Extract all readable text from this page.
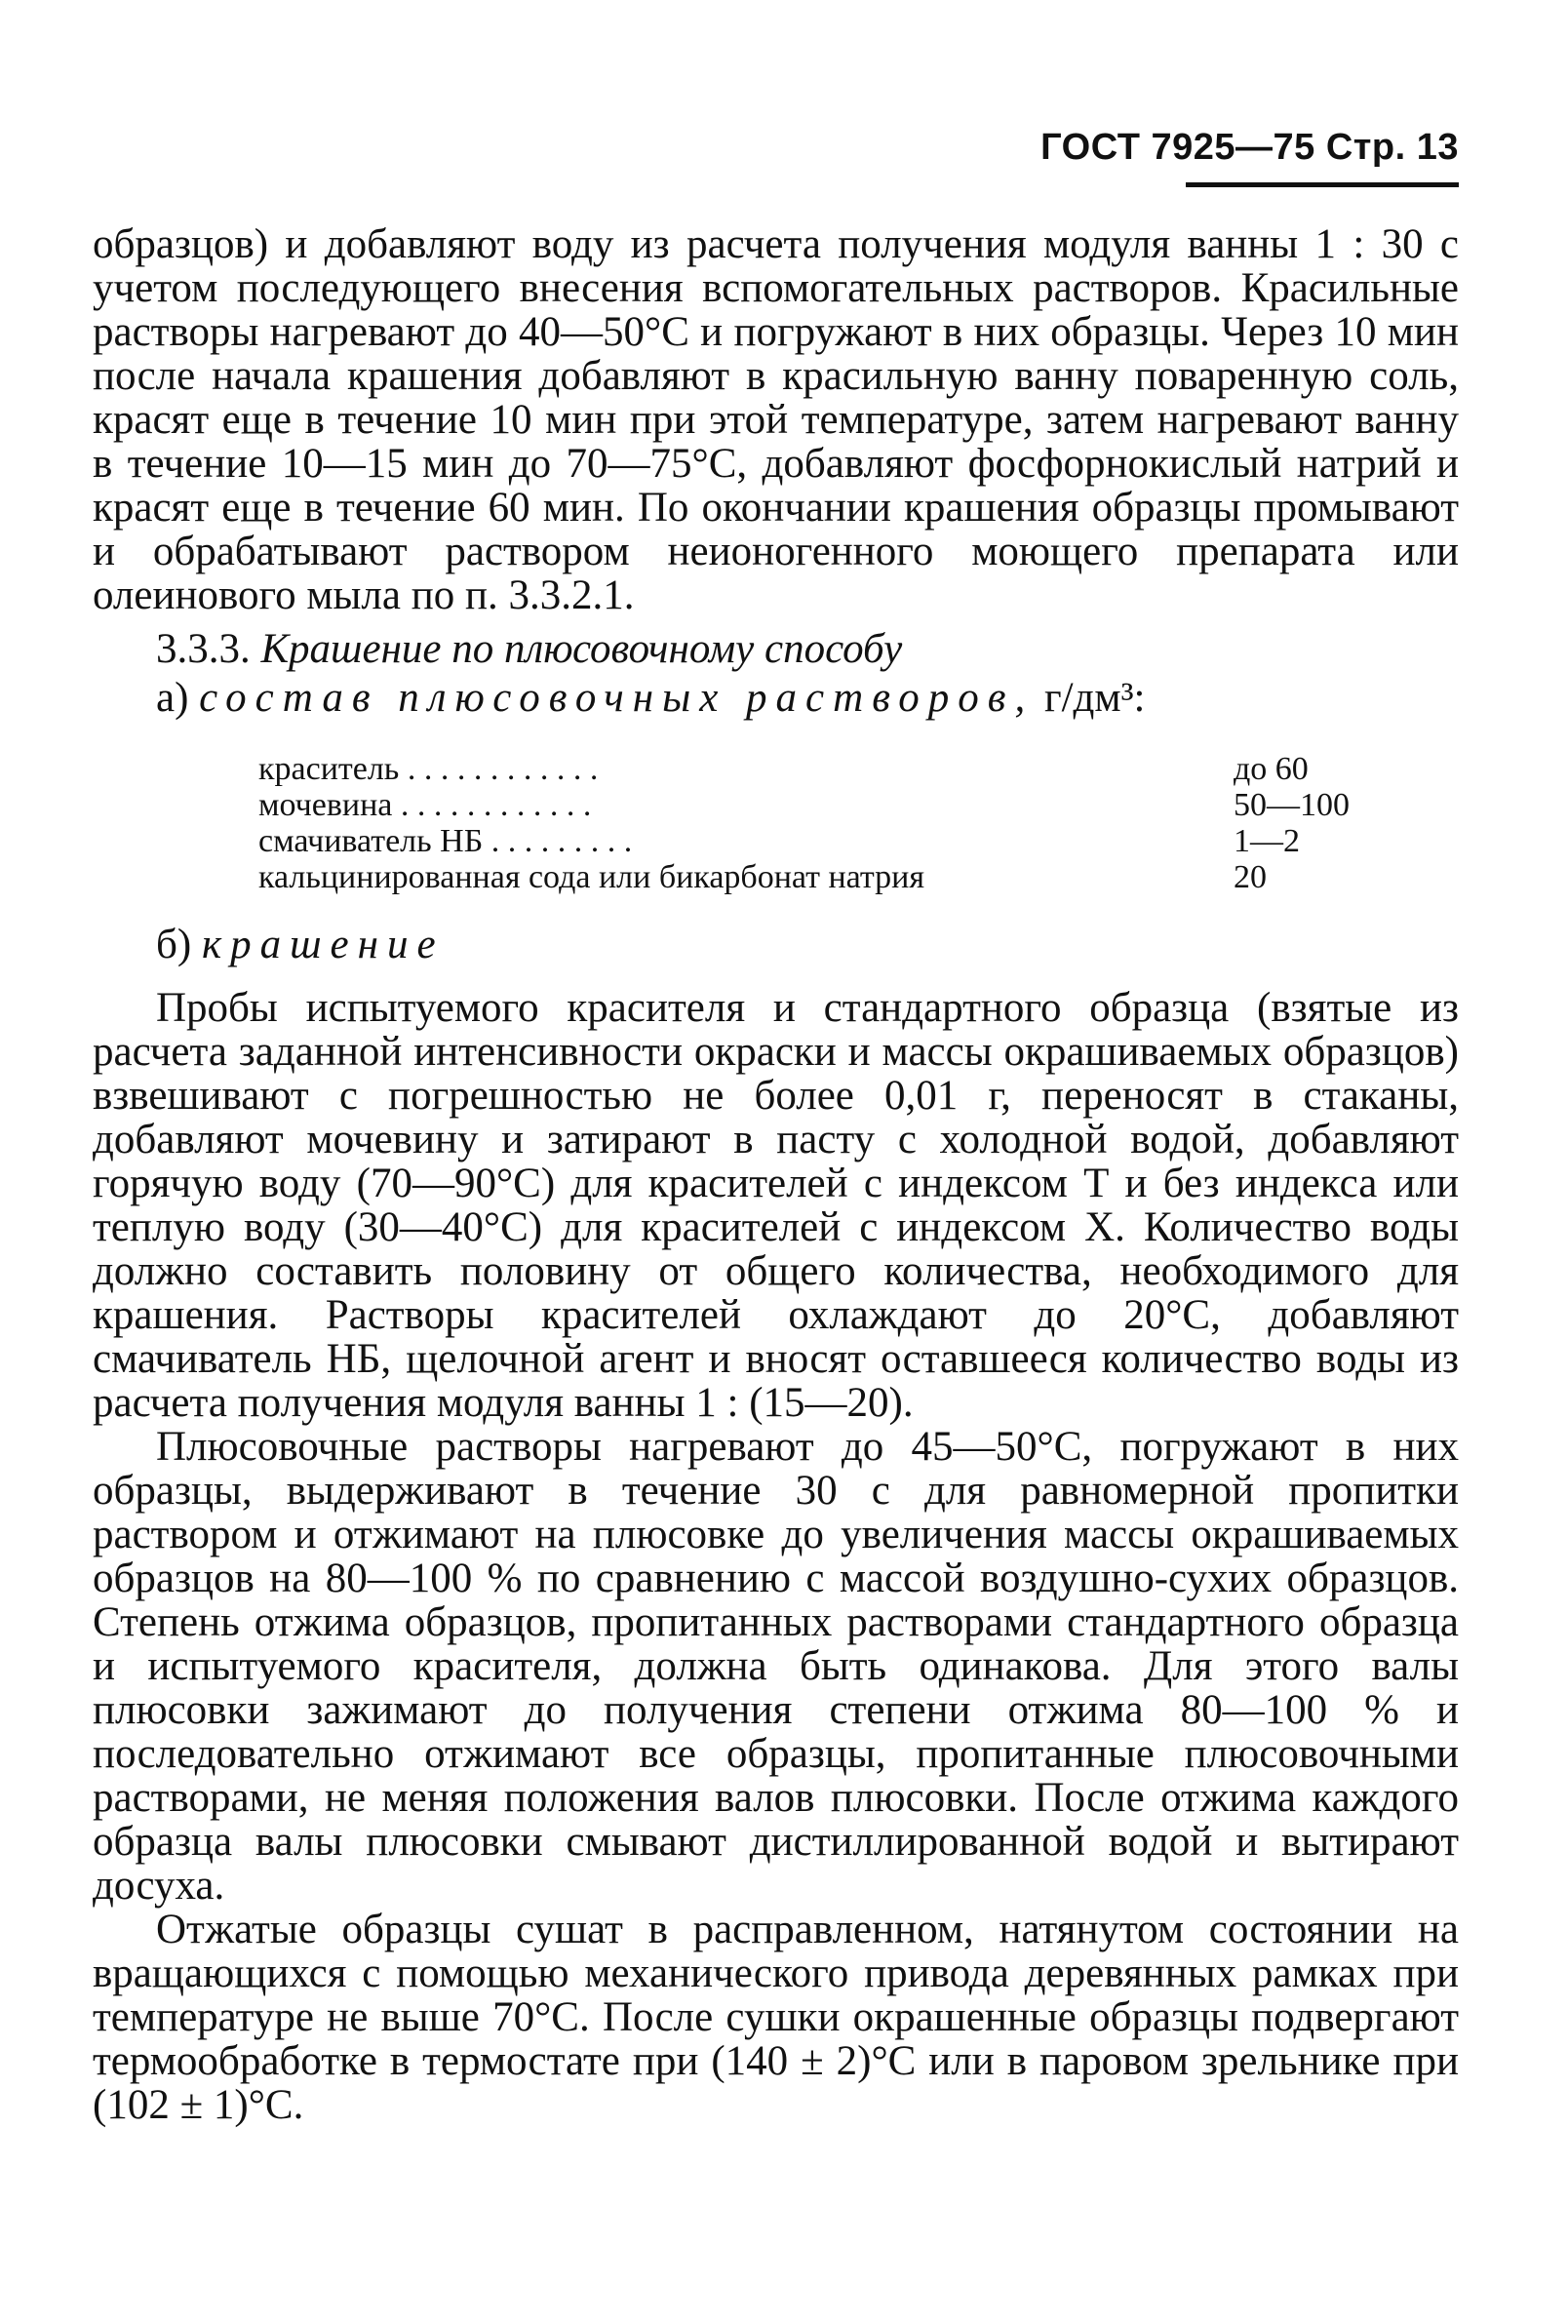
ГОСТ 7925—75 Стр. 13

образцов) и добавляют воду из расчета получения модуля ванны 1 : 30 с учетом последующего внесения вспомогательных растворов. Красильные растворы нагревают до 40—50°С и погружают в них образцы. Через 10 мин после начала крашения добавляют в красильную ванну поваренную соль, красят еще в течение 10 мин при этой температуре, затем нагревают ванну в течение 10—15 мин до 70—75°С, добавляют фосфорнокислый натрий и красят еще в течение 60 мин. По окончании крашения образцы промывают и обрабатывают раствором неионогенного моющего препарата или олеинового мыла по п. 3.3.2.1.

3.3.3. Крашение по плюсовочному способу
а) состав плюсовочных растворов, г/дм³:
краситель . . . . . . . . . . . .	до 60
мочевина . . . . . . . . . . . .	50—100
смачиватель НБ . . . . . . . . .	1—2
кальцинированная сода или бикарбонат натрия	20
б) крашение

Пробы испытуемого красителя и стандартного образца (взятые из расчета заданной интенсивности окраски и массы окрашиваемых образцов) взвешивают с погрешностью не более 0,01 г, переносят в стаканы, добавляют мочевину и затирают в пасту с холодной водой, добавляют горячую воду (70—90°С) для красителей с индексом Т и без индекса или теплую воду (30—40°С) для красителей с индексом Х. Количество воды должно составить половину от общего количества, необходимого для крашения. Растворы красителей охлаждают до 20°С, добавляют смачиватель НБ, щелочной агент и вносят оставшееся количество воды из расчета получения модуля ванны 1 : (15—20).

Плюсовочные растворы нагревают до 45—50°С, погружают в них образцы, выдерживают в течение 30 с для равномерной пропитки раствором и отжимают на плюсовке до увеличения массы окрашиваемых образцов на 80—100 % по сравнению с массой воздушно-сухих образцов. Степень отжима образцов, пропитанных растворами стандартного образца и испытуемого красителя, должна быть одинакова. Для этого валы плюсовки зажимают до получения степени отжима 80—100 % и последовательно отжимают все образцы, пропитанные плюсовочными растворами, не меняя положения валов плюсовки. После отжима каждого образца валы плюсовки смывают дистиллированной водой и вытирают досуха.

Отжатые образцы сушат в расправленном, натянутом состоянии на вращающихся с помощью механического привода деревянных рамках при температуре не выше 70°С. После сушки окрашенные образцы подвергают термообработке в термостате при (140 ± 2)°С или в паровом зрельнике при (102 ± 1)°С.
